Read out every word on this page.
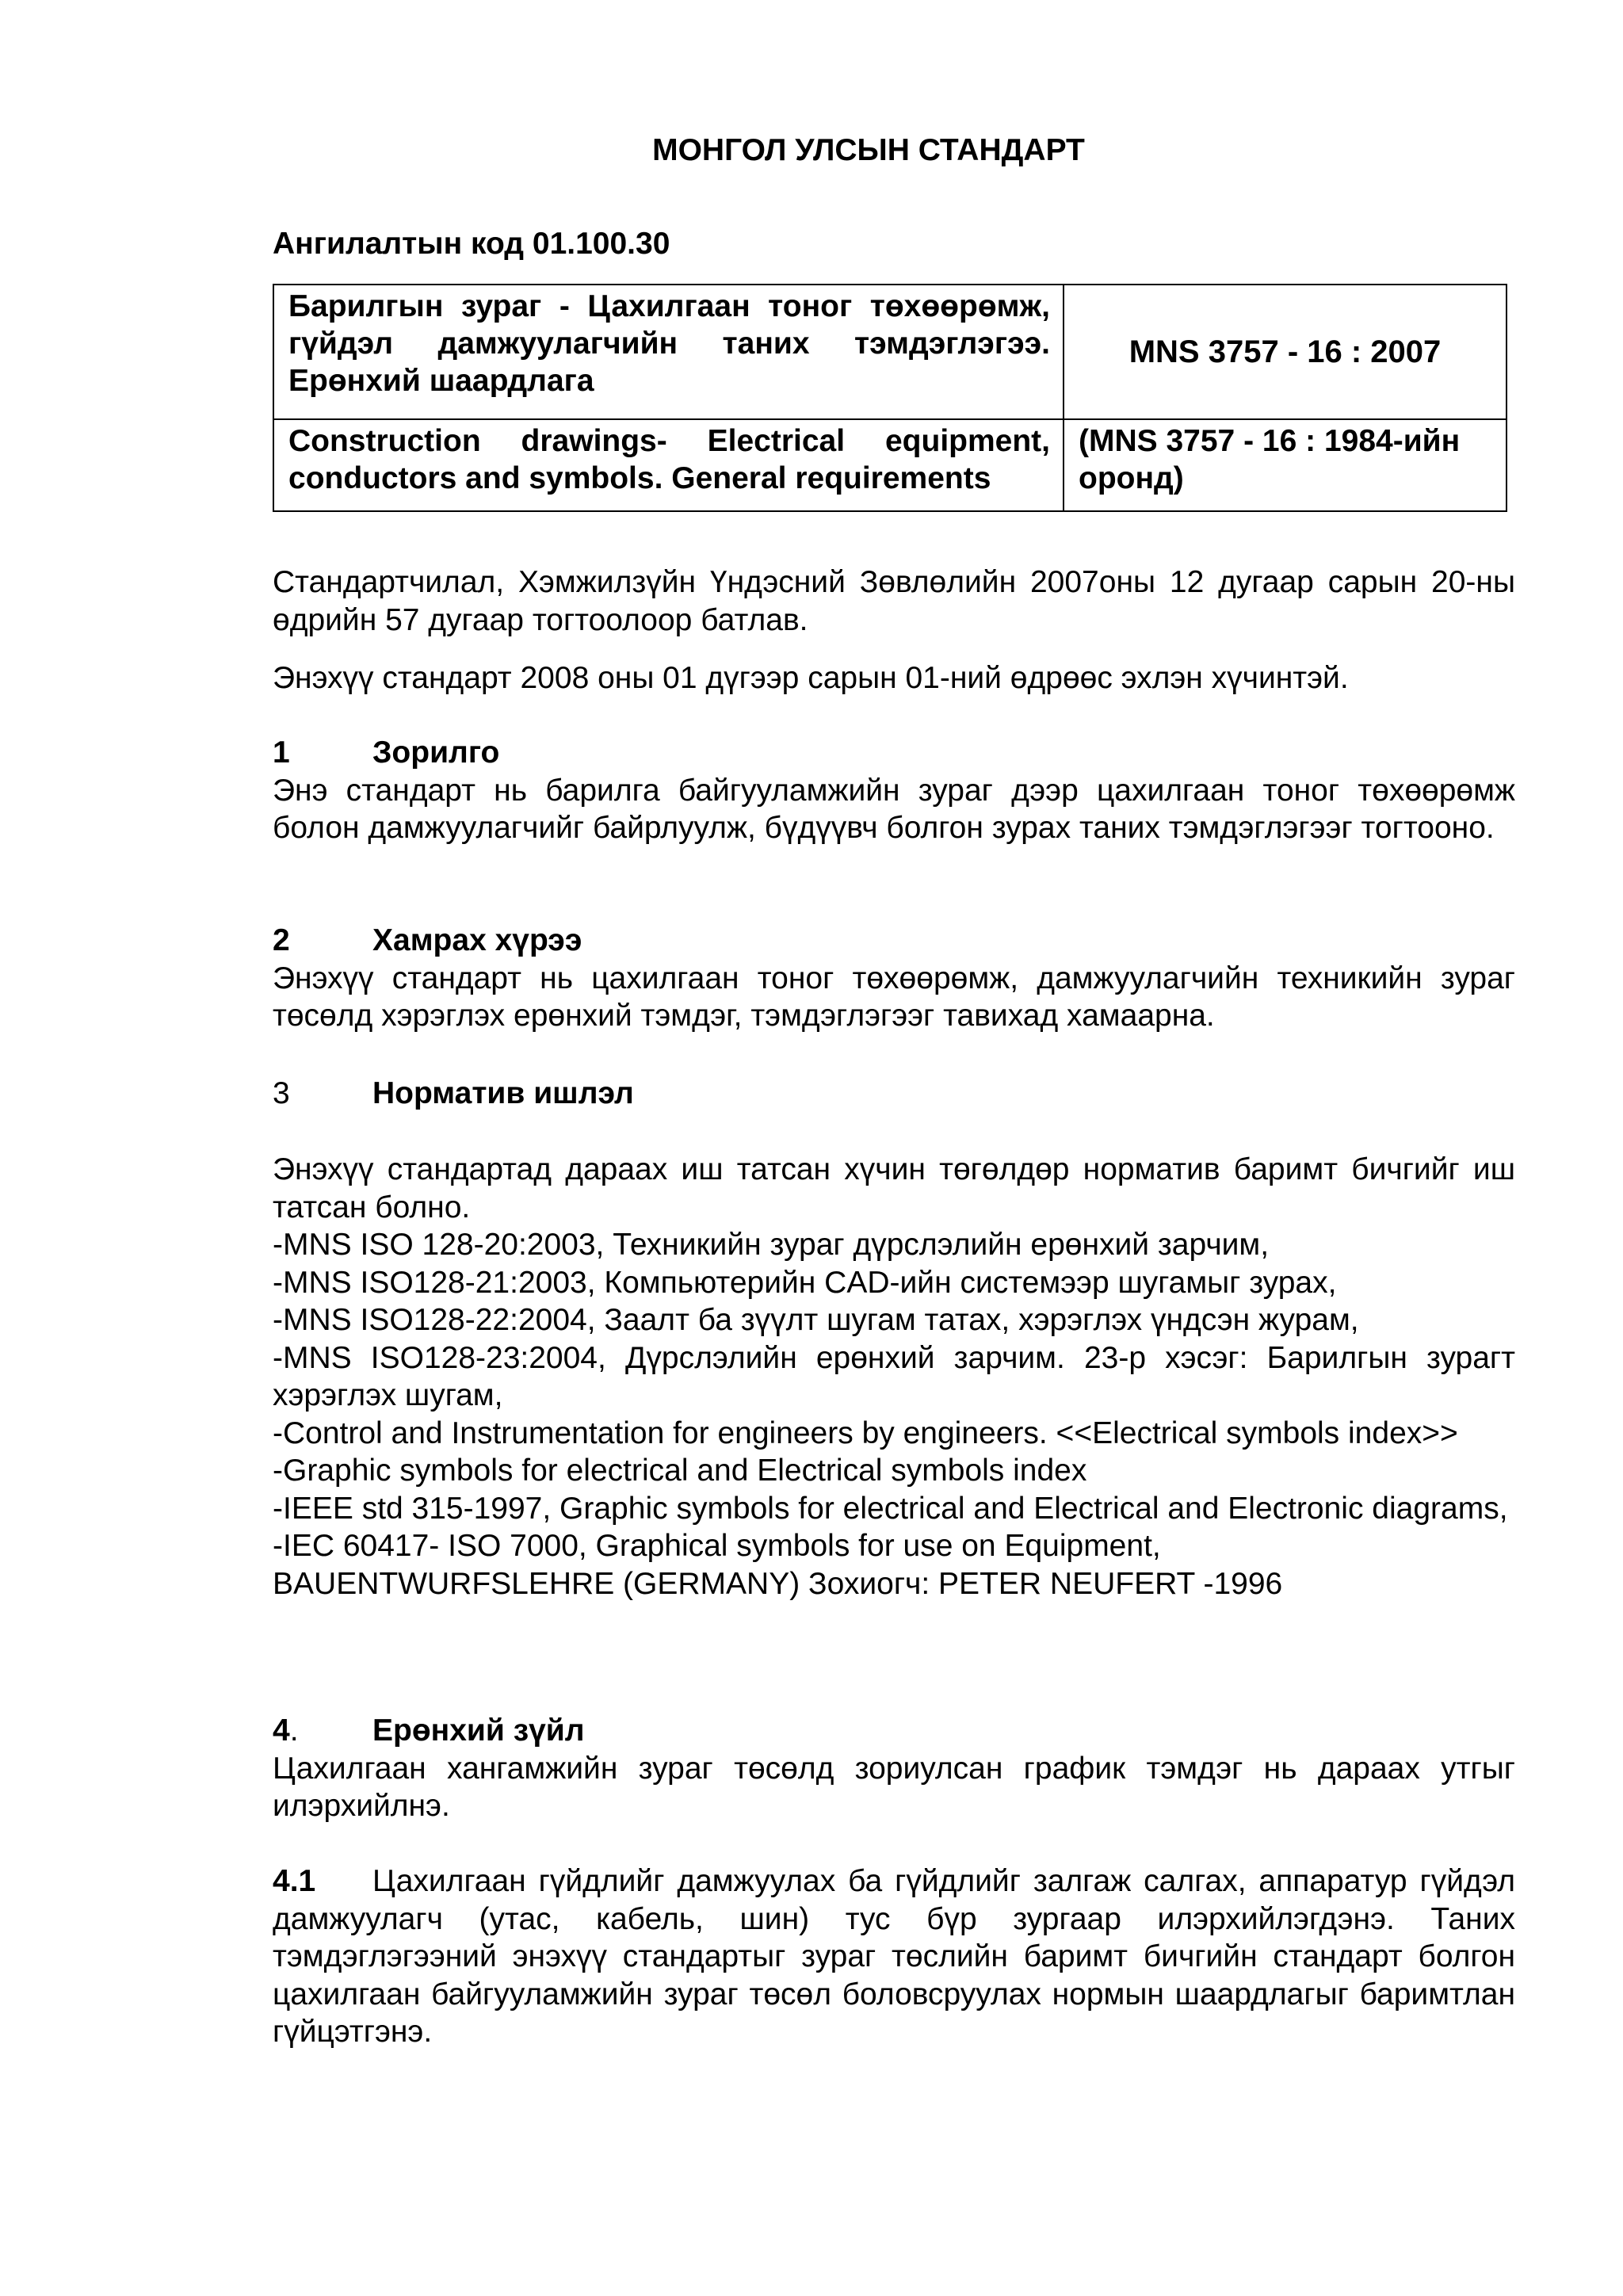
МОНГОЛ УЛСЫН СТАНДАРТ
Ангилалтын код 01.100.30
Барилгын зураг - Цахилгаан тоног төхөөрөмж, гүйдэл дамжуулагчийн таних тэмдэглэгээ. Ерөнхий шаардлага	MNS 3757 - 16 : 2007

Construction drawings- Electrical equipment, conductors and symbols. General requirements	(MNS 3757 - 16 : 1984-ийн оронд)
Стандартчилал, Хэмжилзүйн Үндэсний Зөвлөлийн 2007оны 12 дугаар сарын 20-ны өдрийн 57 дугаар тогтоолоор батлав.
Энэхүү стандарт 2008 оны 01 дүгээр сарын 01-ний өдрөөс эхлэн хүчинтэй.

1	Зорилго

Энэ стандарт нь барилга байгууламжийн зураг дээр цахилгаан тоног төхөөрөмж болон дамжуулагчийг байрлуулж, бүдүүвч болгон зурах таних тэмдэглэгээг тогтооно.

2	Хамрах хүрээ

Энэхүү стандарт нь цахилгаан тоног төхөөрөмж, дамжуулагчийн техникийн зураг төсөлд хэрэглэх ерөнхий тэмдэг, тэмдэглэгээг тавихад хамаарна.

3	Норматив ишлэл

Энэхүү стандартад дараах иш татсан хүчин төгөлдөр норматив баримт бичгийг иш татсан болно.

-MNS ISO 128-20:2003, Техникийн зураг дүрслэлийн ерөнхий зарчим,

-MNS ISO128-21:2003, Компьютерийн CAD-ийн системээр шугамыг зурах,

-MNS ISO128-22:2004, Заалт ба зүүлт шугам татах, хэрэглэх үндсэн журам,

-MNS ISO128-23:2004, Дүрслэлийн ерөнхий зарчим. 23-р хэсэг: Барилгын зурагт хэрэглэх шугам,

-Control and Instrumentation for engineers by engineers. <<Electrical symbols index>>

-Graphic symbols for electrical and Electrical symbols index

-IEEE std 315-1997, Graphic symbols for electrical and Electrical and Electronic diagrams,

-IEC 60417- ISO 7000, Graphical symbols for use on Equipment,

BAUENTWURFSLEHRE (GERMANY) Зохиогч: PETER NEUFERT -1996

4. Ерөнхий зүйл

Цахилгаан хангамжийн зураг төсөлд зориулсан график тэмдэг нь дараах утгыг илэрхийлнэ.

4.1 Цахилгаан гүйдлийг дамжуулах ба гүйдлийг залгаж салгах, аппаратур гүйдэл дамжуулагч (утас, кабель, шин) тус бүр зургаар илэрхийлэгдэнэ. Таних тэмдэглэгээний энэхүү стандартыг зураг төслийн баримт бичгийн стандарт болгон цахилгаан байгууламжийн зураг төсөл боловсруулах нормын шаардлагыг баримтлан гүйцэтгэнэ.
